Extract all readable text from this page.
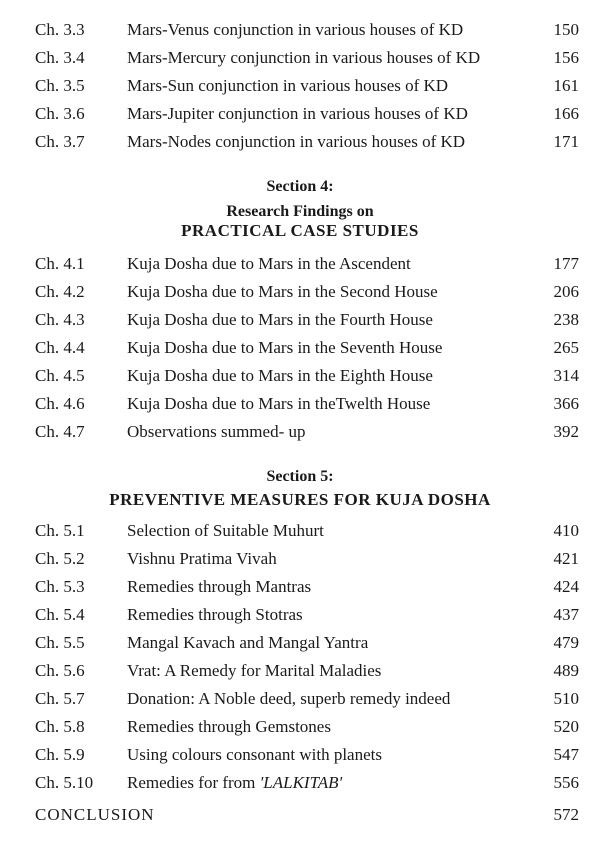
Ch. 3.3 Mars-Venus conjunction in various houses of KD	150
Ch. 3.4 Mars-Mercury conjunction in various houses of KD	156
Ch. 3.5 Mars-Sun conjunction in various houses of KD	161
Ch. 3.6 Mars-Jupiter conjunction in various houses of KD	166
Ch. 3.7 Mars-Nodes conjunction in various houses of KD	171
Section 4:
Research Findings on
PRACTICAL CASE STUDIES
Ch. 4.1 Kuja Dosha due to Mars in the Ascendent	177
Ch. 4.2 Kuja Dosha due to Mars in the Second House	206
Ch. 4.3 Kuja Dosha due to Mars in the Fourth House	238
Ch. 4.4 Kuja Dosha due to Mars in the Seventh House	265
Ch. 4.5 Kuja Dosha due to Mars in the Eighth House	314
Ch. 4.6 Kuja Dosha due to Mars in theTwelth House	366
Ch. 4.7 Observations summed- up	392
Section 5:
PREVENTIVE MEASURES FOR KUJA DOSHA
Ch. 5.1 Selection of Suitable Muhurt	410
Ch. 5.2 Vishnu Pratima Vivah	421
Ch. 5.3 Remedies through Mantras	424
Ch. 5.4 Remedies through Stotras	437
Ch. 5.5 Mangal Kavach and Mangal Yantra	479
Ch. 5.6 Vrat: A Remedy for Marital Maladies	489
Ch. 5.7 Donation: A Noble deed, superb remedy indeed	510
Ch. 5.8 Remedies through Gemstones	520
Ch. 5.9 Using colours consonant with planets	547
Ch. 5.10 Remedies for from 'LALKITAB'	556
CONCLUSION	572
